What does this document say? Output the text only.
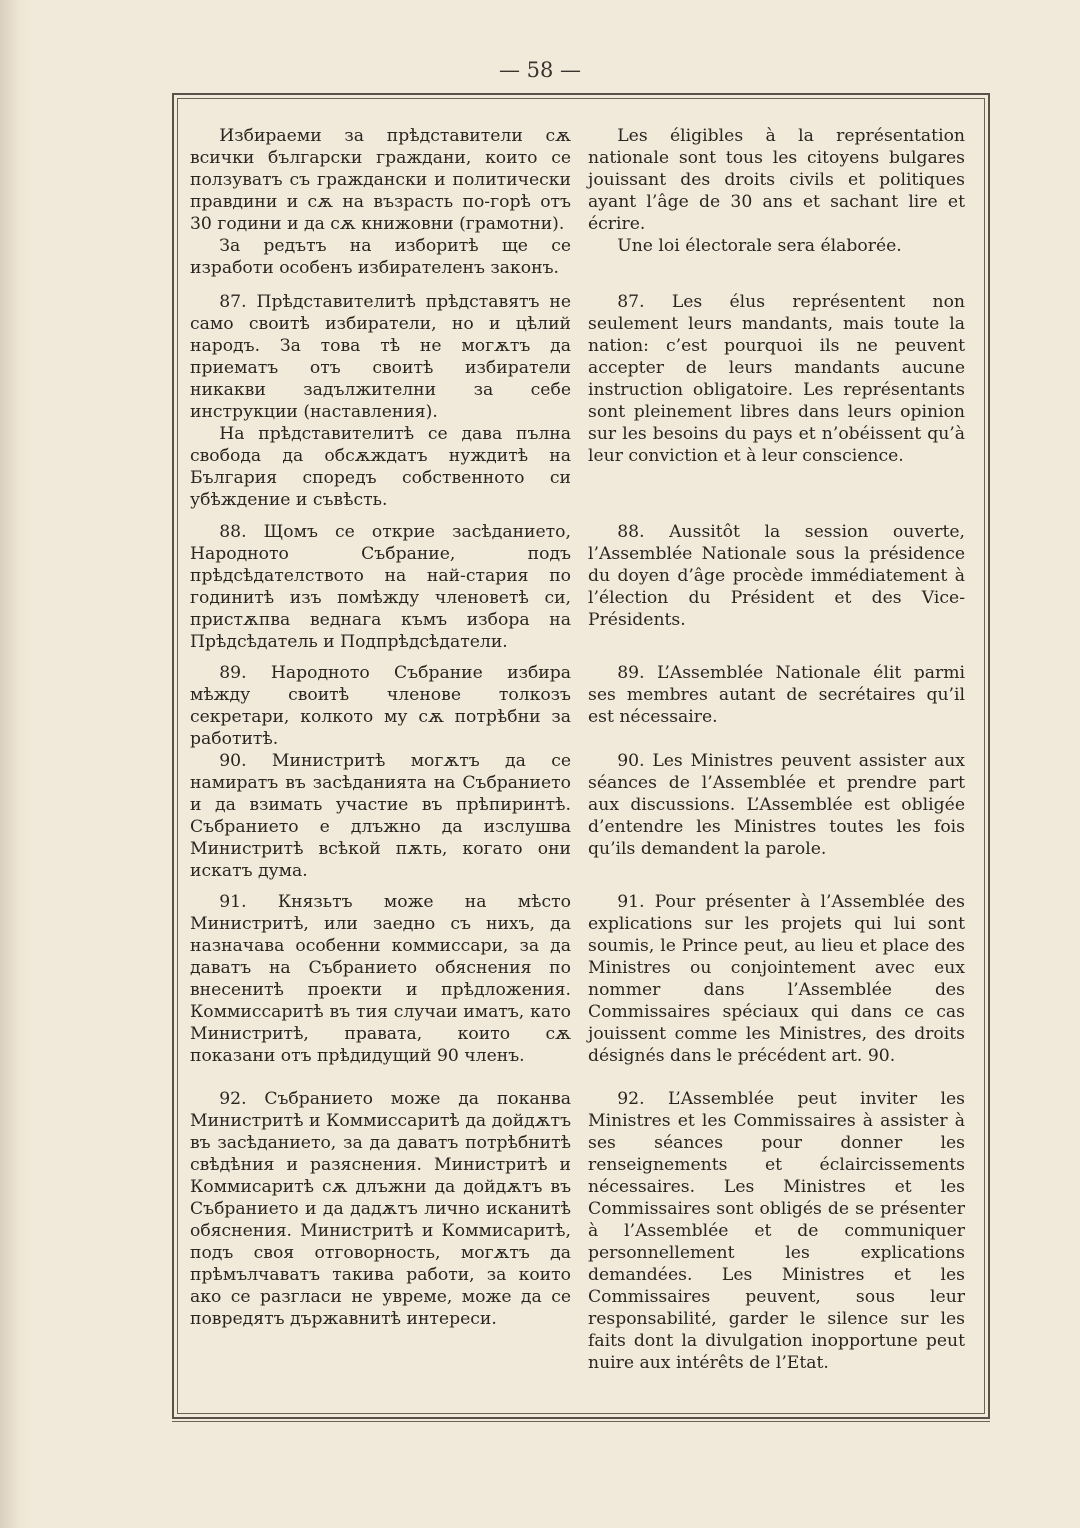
— 58 —

Избираеми за прѣдставители сѫ всички български граждани, които се ползуватъ съ граждански и политически правдини и сѫ на възрасть по-горѣ отъ 30 години и да сѫ книжовни (грамотни).

За редътъ на изборитѣ ще се изработи особенъ избирателенъ законъ.

87. Прѣдставителитѣ прѣдставятъ не само своитѣ избиратели, но и цѣлий народъ. За това тѣ не могѫтъ да приематъ отъ своитѣ избиратели никакви задължителни за себе инструкции (наставления).

На прѣдставителитѣ се дава пълна свобода да обсѫждатъ нуждитѣ на България споредъ собственното си убѣждение и съвѣсть.

88. Щомъ се открие засѣданието, Народното Събрание, подъ прѣдсѣдателството на най-стария по годинитѣ изъ помѣжду членоветѣ си, пристѫпва веднага къмъ избора на Прѣдсѣдатель и Подпрѣдсѣдатели.

89. Народното Събрание избира мѣжду своитѣ членове толкозъ секретари, колкото му сѫ потрѣбни за работитѣ.

90. Министритѣ могѫтъ да се намиратъ въ засѣданията на Събранието и да взимать участие въ прѣпиринтѣ. Събранието е длъжно да изслушва Министритѣ всѣкой пѫть, когато они искатъ дума.

91. Князьтъ може на мѣсто Министритѣ, или заедно съ нихъ, да назначава особенни коммиссари, за да даватъ на Събранието обяснения по внесенитѣ проекти и прѣдложения. Коммиссаритѣ въ тия случаи иматъ, като Министритѣ, правата, които сѫ показани отъ прѣдидущий 90 членъ.

92. Събранието може да поканва Министритѣ и Коммиссаритѣ да дойдѫтъ въ засѣданието, за да даватъ потрѣбнитѣ свѣдѣния и разяснения. Министритѣ и Коммисаритѣ сѫ длъжни да дойдѫтъ въ Събранието и да дадѫтъ лично исканитѣ обяснения. Министритѣ и Коммисаритѣ, подъ своя отговорность, могѫтъ да прѣмълчаватъ такива работи, за които ако се разгласи не увреме, може да се повредятъ държавнитѣ интереси.

Les éligibles à la représentation nationale sont tous les citoyens bulgares jouissant des droits civils et politiques ayant l’âge de 30 ans et sachant lire et écrire.

Une loi électorale sera élaborée.

87. Les élus représentent non seulement leurs mandants, mais toute la nation: c’est pourquoi ils ne peuvent accepter de leurs mandants aucune instruction obligatoire. Les représentants sont pleinement libres dans leurs opinion sur les besoins du pays et n’obéissent qu’à leur conviction et à leur conscience.

88. Aussitôt la session ouverte, l’Assemblée Nationale sous la présidence du doyen d’âge procède immédiatement à l’élection du Président et des Vice-Présidents.

89. L’Assemblée Nationale élit parmi ses membres autant de secrétaires qu’il est nécessaire.

90. Les Ministres peuvent assister aux séances de l’Assemblée et prendre part aux discussions. L’Assemblée est obligée d’entendre les Ministres toutes les fois qu’ils demandent la parole.

91. Pour présenter à l’Assemblée des explications sur les projets qui lui sont soumis, le Prince peut, au lieu et place des Ministres ou conjointement avec eux nommer dans l’Assemblée des Commissaires spéciaux qui dans ce cas jouissent comme les Ministres, des droits désignés dans le précédent art. 90.

92. L’Assemblée peut inviter les Ministres et les Commissaires à assister à ses séances pour donner les renseignements et éclaircissements nécessaires. Les Ministres et les Commissaires sont obligés de se présenter à l’Assemblée et de communiquer personnellement les explications demandées. Les Ministres et les Commissaires peuvent, sous leur responsabilité, garder le silence sur les faits dont la divulgation inopportune peut nuire aux intérêts de l’Etat.
